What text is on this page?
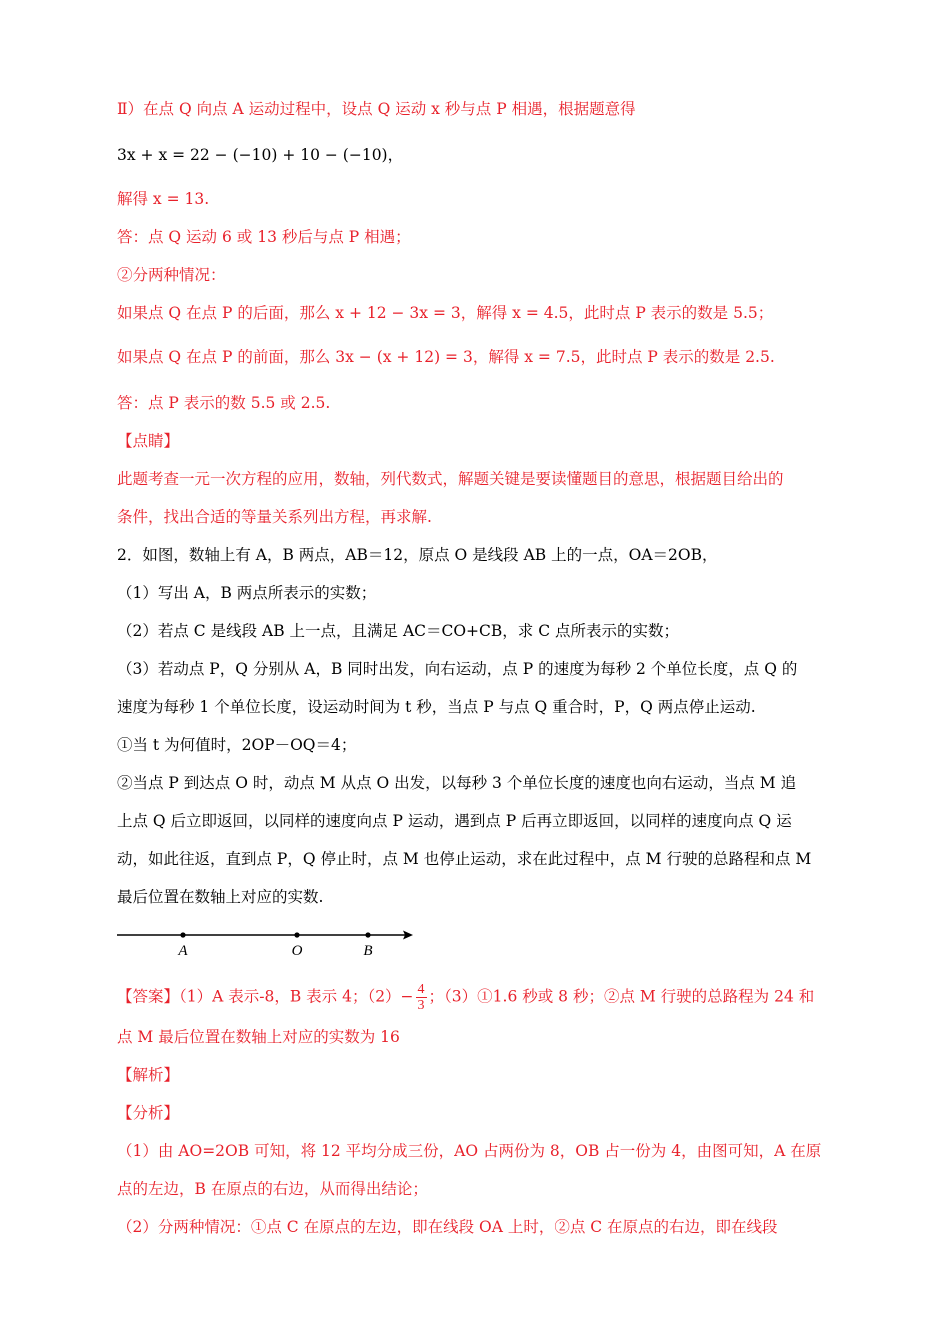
Ⅱ）在点 Q 向点 A 运动过程中，设点 Q 运动 x 秒与点 P 相遇，根据题意得
3x + x = 22 − (−10) + 10 − (−10)，
解得 x = 13.
答：点 Q 运动 6 或 13 秒后与点 P 相遇；
②分两种情况：
如果点 Q 在点 P 的后面，那么 x + 12 − 3x = 3，解得 x = 4.5，此时点 P 表示的数是 5.5；
如果点 Q 在点 P 的前面，那么 3x − (x + 12) = 3，解得 x = 7.5，此时点 P 表示的数是 2.5.
答：点 P 表示的数 5.5 或 2.5.
【点睛】
此题考查一元一次方程的应用，数轴，列代数式，解题关键是要读懂题目的意思，根据题目给出的
条件，找出合适的等量关系列出方程，再求解.
2．如图，数轴上有 A，B 两点，AB＝12，原点 O 是线段 AB 上的一点，OA＝2OB，
（1）写出 A，B 两点所表示的实数；
（2）若点 C 是线段 AB 上一点，且满足 AC＝CO+CB，求 C 点所表示的实数；
（3）若动点 P，Q 分别从 A，B 同时出发，向右运动，点 P 的速度为每秒 2 个单位长度，点 Q 的
速度为每秒 1 个单位长度，设运动时间为 t 秒，当点 P 与点 Q 重合时，P，Q 两点停止运动.
①当 t 为何值时，2OP－OQ＝4；
②当点 P 到达点 O 时，动点 M 从点 O 出发，以每秒 3 个单位长度的速度也向右运动，当点 M 追
上点 Q 后立即返回，以同样的速度向点 P 运动，遇到点 P 后再立即返回，以同样的速度向点 Q 运
动，如此往返，直到点 P，Q 停止时，点 M 也停止运动，求在此过程中，点 M 行驶的总路程和点 M
最后位置在数轴上对应的实数.
点 M 最后位置在数轴上对应的实数为 16
【解析】
【分析】
（1）由 AO=2OB 可知，将 12 平均分成三份，AO 占两份为 8，OB 占一份为 4，由图可知，A 在原
点的左边，B 在原点的右边，从而得出结论；
（2）分两种情况：①点 C 在原点的左边，即在线段 OA 上时，②点 C 在原点的右边，即在线段
【答案】（1）A 表示-8，B 表示 4；$(2)- \frac{4}{3}$ ；（3）①1.6 秒或 8 秒；②点 M 行驶的总路程为 24 和
A	O	B
